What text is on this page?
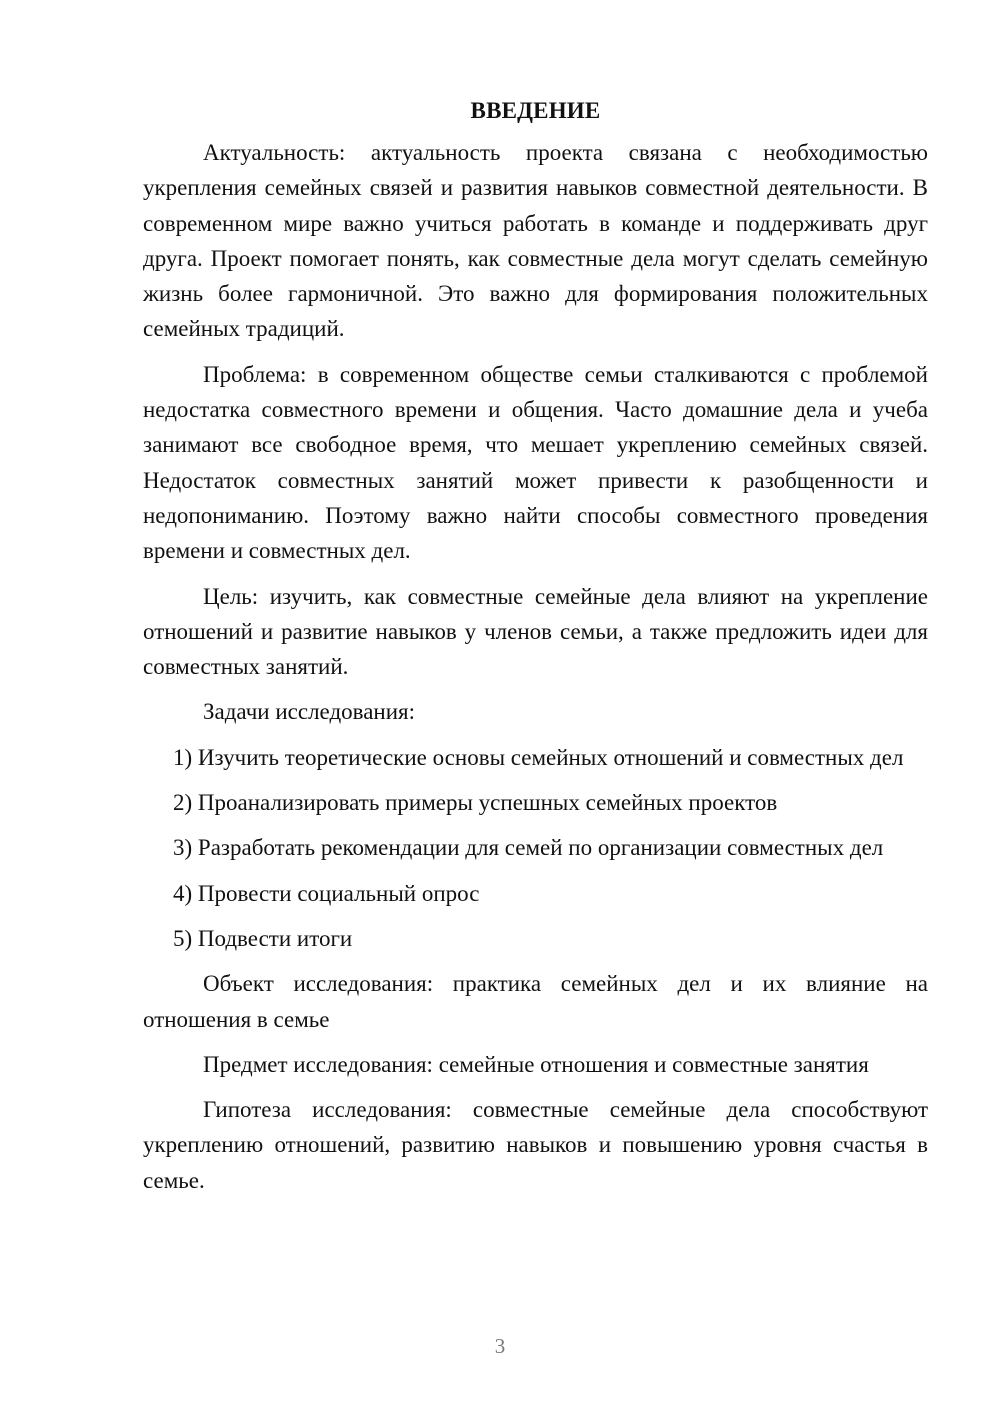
ВВЕДЕНИЕ

Актуальность: актуальность проекта связана с необходимостью укрепления семейных связей и развития навыков совместной деятельности. В современном мире важно учиться работать в команде и поддерживать друг друга. Проект помогает понять, как совместные дела могут сделать семейную жизнь более гармоничной. Это важно для формирования положительных семейных традиций.

Проблема: в современном обществе семьи сталкиваются с проблемой недостатка совместного времени и общения. Часто домашние дела и учеба занимают все свободное время, что мешает укреплению семейных связей. Недостаток совместных занятий может привести к разобщенности и недопониманию. Поэтому важно найти способы совместного проведения времени и совместных дел.

Цель: изучить, как совместные семейные дела влияют на укрепление отношений и развитие навыков у членов семьи, а также предложить идеи для совместных занятий.

Задачи исследования:

1) Изучить теоретические основы семейных отношений и совместных дел

2) Проанализировать примеры успешных семейных проектов

3) Разработать рекомендации для семей по организации совместных дел

4) Провести социальный опрос

5) Подвести итоги

Объект исследования: практика семейных дел и их влияние на отношения в семье

Предмет исследования: семейные отношения и совместные занятия

Гипотеза исследования: совместные семейные дела способствуют укреплению отношений, развитию навыков и повышению уровня счастья в семье.

3
